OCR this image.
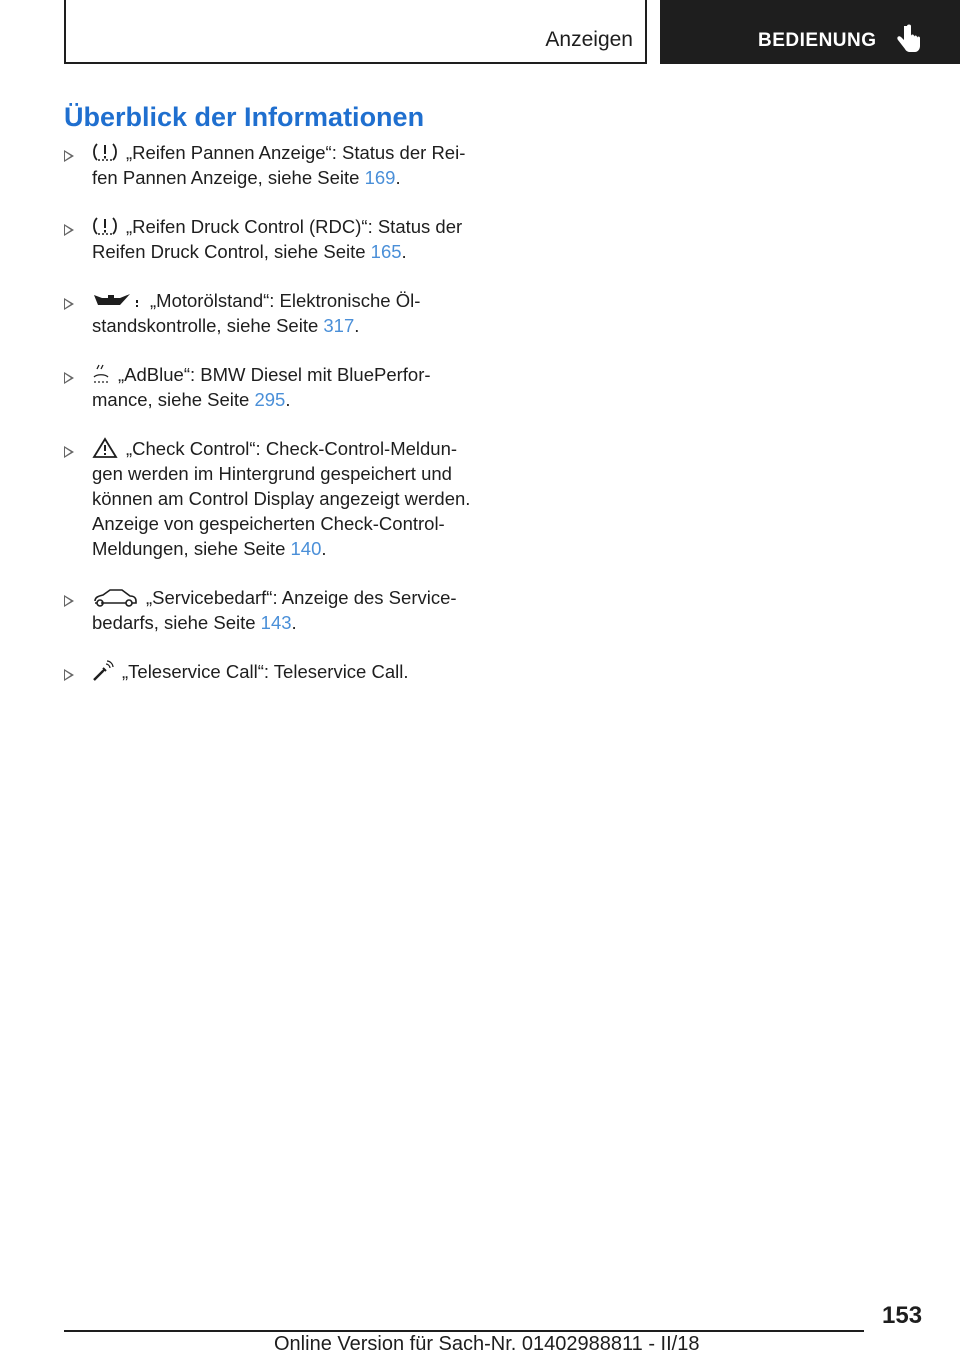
Anzeigen	BEDIENUNG
Überblick der Informationen
„Reifen Pannen Anzeige“: Status der Reifen Pannen Anzeige, siehe Seite 169.
„Reifen Druck Control (RDC)“: Status der Reifen Druck Control, siehe Seite 165.
„Motorölstand“: Elektronische Ölstandskontrolle, siehe Seite 317.
„AdBlue“: BMW Diesel mit BluePerformance, siehe Seite 295.
„Check Control“: Check-Control-Meldungen werden im Hintergrund gespeichert und können am Control Display angezeigt werden. Anzeige von gespeicherten Check-Control-Meldungen, siehe Seite 140.
„Servicebedarf“: Anzeige des Servicebedarfs, siehe Seite 143.
„Teleservice Call“: Teleservice Call.
153
Online Version für Sach-Nr. 01402988811 - II/18
